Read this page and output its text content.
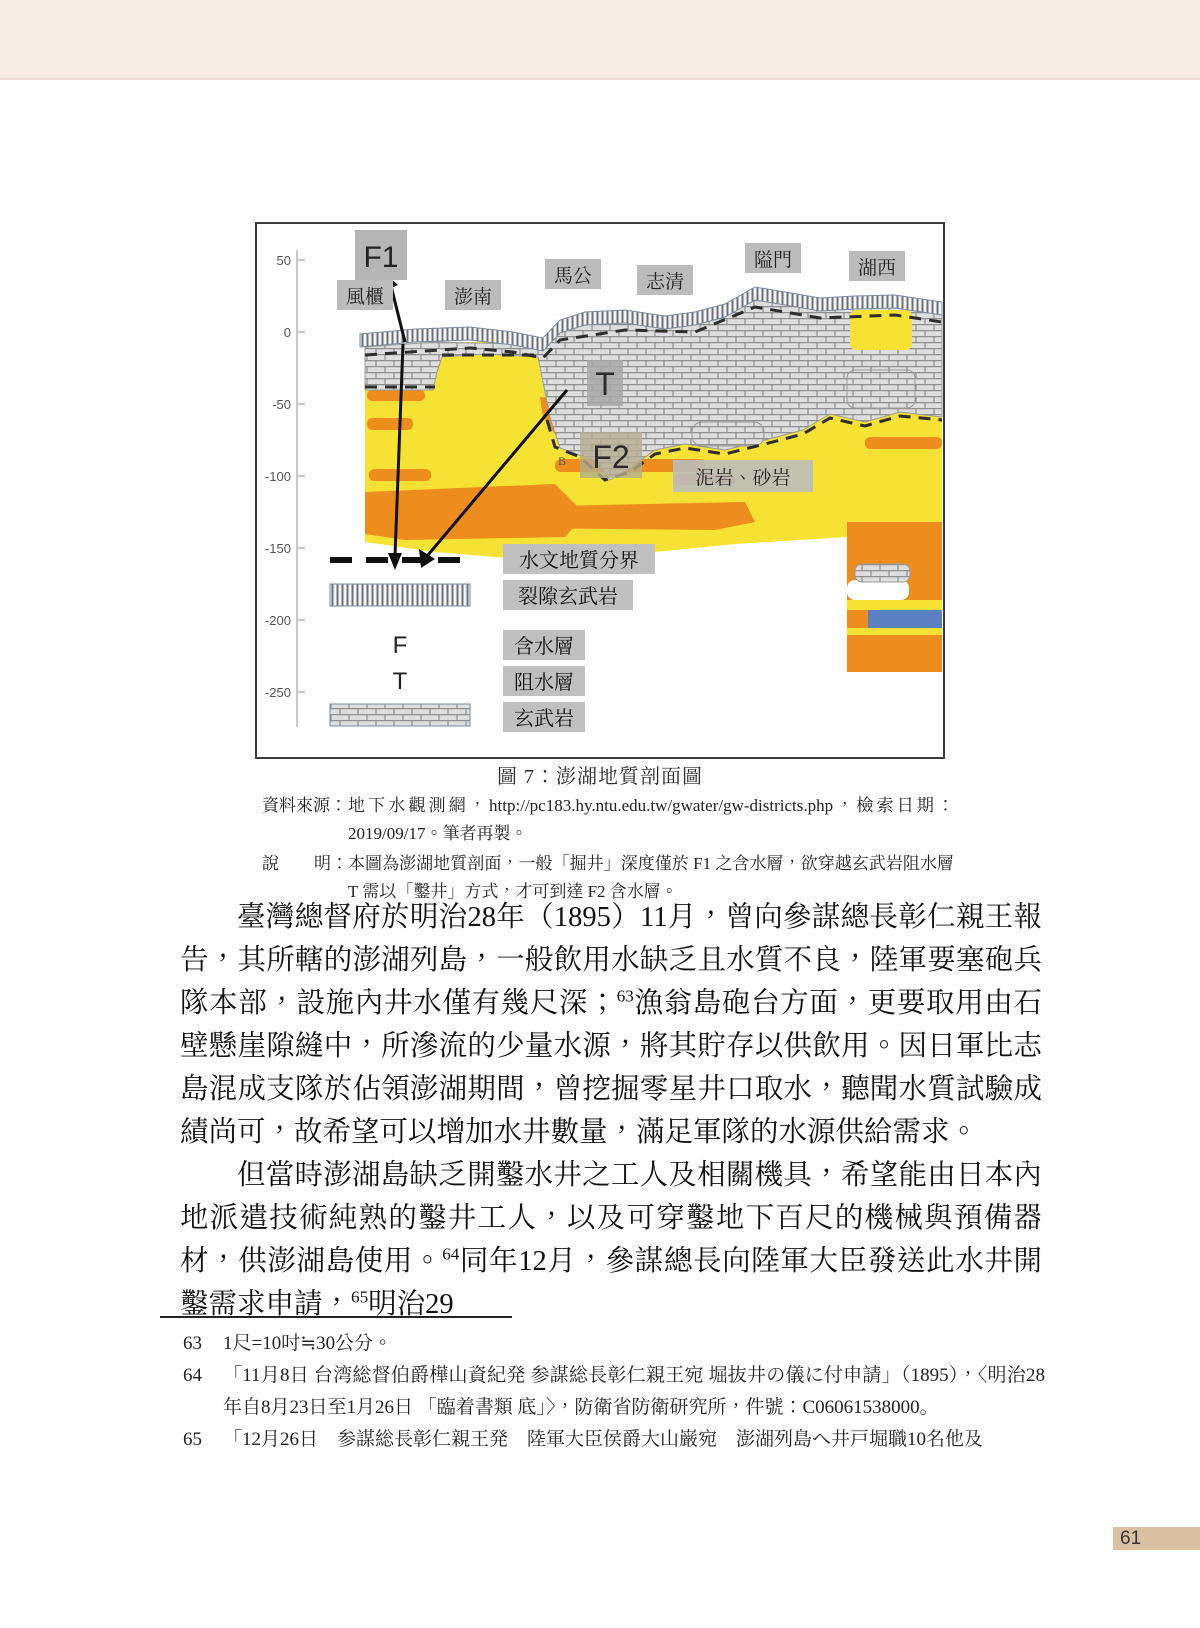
50
0
-50
-100
-150
-200
-250
B
F1
風櫃	澎南
馬公	志清
隘門	湖西
T
F2
泥岩、砂岩
水文地質分界
裂隙玄武岩
F	含水層
T	阻水層
玄武岩
圖 7：澎湖地質剖面圖

資料來源： 地下水觀測網，http://pc183.hy.ntu.edu.tw/gwater/gw-districts.php，檢索日期：2019/09/17。筆者再製。

說 明： 本圖為澎湖地質剖面，一般「掘井」深度僅於 F1 之含水層，欲穿越玄武岩阻水層 T 需以「鑿井」方式，才可到達 F2 含水層。

臺灣總督府於明治28年（1895）11月，曾向參謀總長彰仁親王報告，其所轄的澎湖列島，一般飲用水缺乏且水質不良，陸軍要塞砲兵隊本部，設施內井水僅有幾尺深；$^{63}$漁翁島砲台方面，更要取用由石壁懸崖隙縫中，所滲流的少量水源，將其貯存以供飲用。因日軍比志島混成支隊於佔領澎湖期間，曾挖掘零星井口取水，聽聞水質試驗成績尚可，故希望可以增加水井數量，滿足軍隊的水源供給需求。

但當時澎湖島缺乏開鑿水井之工人及相關機具，希望能由日本內地派遣技術純熟的鑿井工人，以及可穿鑿地下百尺的機械與預備器材，供澎湖島使用。$^{64}$同年12月，參謀總長向陸軍大臣發送此水井開鑿需求申請，$^{65}$明治29

63 1尺=10吋≒30公分。

64 「11月8日 台湾総督伯爵樺山資紀発 参謀総長彰仁親王宛 堀抜井の儀に付申請」（1895），〈明治28年自8月23日至1月26日 「臨着書類 底」〉，防衛省防衛研究所，件號：C06061538000。

65 「12月26日　参謀総長彰仁親王発　陸軍大臣侯爵大山巌宛　澎湖列島へ井戸堀職10名他及

61
